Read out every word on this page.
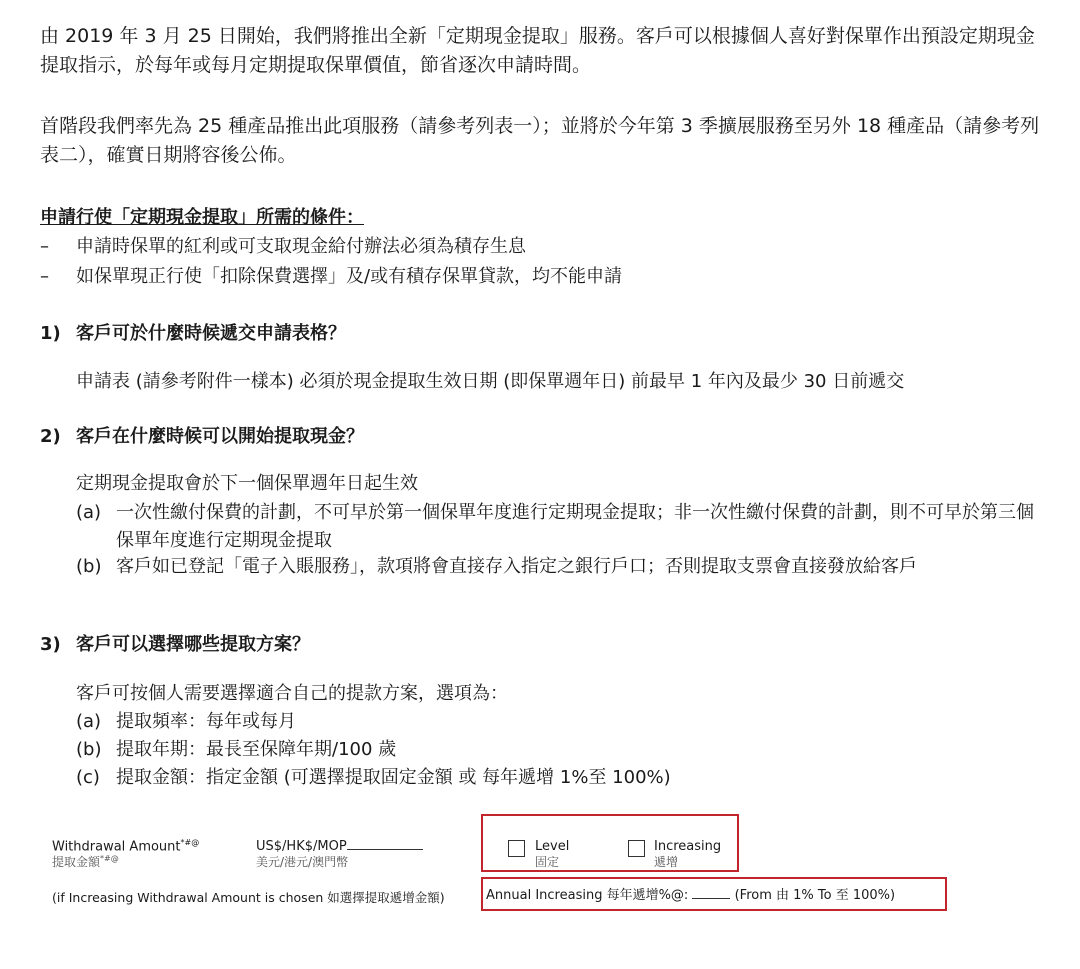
由 2019 年 3 月 25 日開始，我們將推出全新「定期現金提取」服務。客戶可以根據個人喜好對保單作出預設定期現金提取指示，於每年或每月定期提取保單價值，節省逐次申請時間。

首階段我們率先為 25 種產品推出此項服務（請參考列表一）；並將於今年第 3 季擴展服務至另外 18 種產品（請參考列表二），確實日期將容後公佈。

申請行使「定期現金提取」所需的條件：
– 申請時保單的紅利或可支取現金給付辦法必須為積存生息
– 如保單現正行使「扣除保費選擇」及/或有積存保單貸款，均不能申請
1) 客戶可於什麼時候遞交申請表格？
申請表 (請參考附件一樣本) 必須於現金提取生效日期 (即保單週年日) 前最早 1 年內及最少 30 日前遞交
2) 客戶在什麼時候可以開始提取現金？
定期現金提取會於下一個保單週年日起生效
(a) 一次性繳付保費的計劃，不可早於第一個保單年度進行定期現金提取；非一次性繳付保費的計劃，則不可早於第三個保單年度進行定期現金提取
(b) 客戶如已登記「電子入賬服務」，款項將會直接存入指定之銀行戶口；否則提取支票會直接發放給客戶
3) 客戶可以選擇哪些提取方案？
客戶可按個人需要選擇適合自己的提款方案，選項為：
(a) 提取頻率：每年或每月
(b) 提取年期：最長至保障年期/100 歲
(c) 提取金額：指定金額 (可選擇提取固定金額 或 每年遞增 1%至 100%)
Withdrawal Amount*#@
提取金額*#@
US$/HK$/MOP
美元/港元/澳門幣
Level
固定
Increasing
遞增
(if Increasing Withdrawal Amount is chosen 如選擇提取遞增金額)	Annual Increasing 每年遞增%@:	(From 由 1% To 至 100%)
